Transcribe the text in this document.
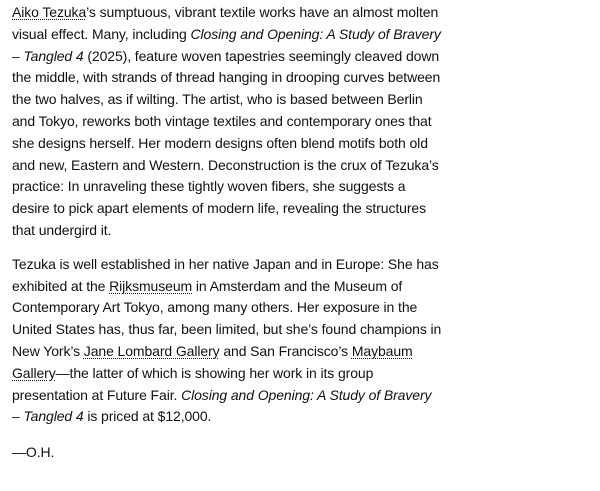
Aiko Tezuka’s sumptuous, vibrant textile works have an almost molten visual effect. Many, including Closing and Opening: A Study of Bravery – Tangled 4 (2025), feature woven tapestries seemingly cleaved down the middle, with strands of thread hanging in drooping curves between the two halves, as if wilting. The artist, who is based between Berlin and Tokyo, reworks both vintage textiles and contemporary ones that she designs herself. Her modern designs often blend motifs both old and new, Eastern and Western. Deconstruction is the crux of Tezuka’s practice: In unraveling these tightly woven fibers, she suggests a desire to pick apart elements of modern life, revealing the structures that undergird it.

Tezuka is well established in her native Japan and in Europe: She has exhibited at the Rijksmuseum in Amsterdam and the Museum of Contemporary Art Tokyo, among many others. Her exposure in the United States has, thus far, been limited, but she’s found champions in New York’s Jane Lombard Gallery and San Francisco’s Maybaum Gallery—the latter of which is showing her work in its group presentation at Future Fair. Closing and Opening: A Study of Bravery – Tangled 4 is priced at $12,000.

—O.H.
